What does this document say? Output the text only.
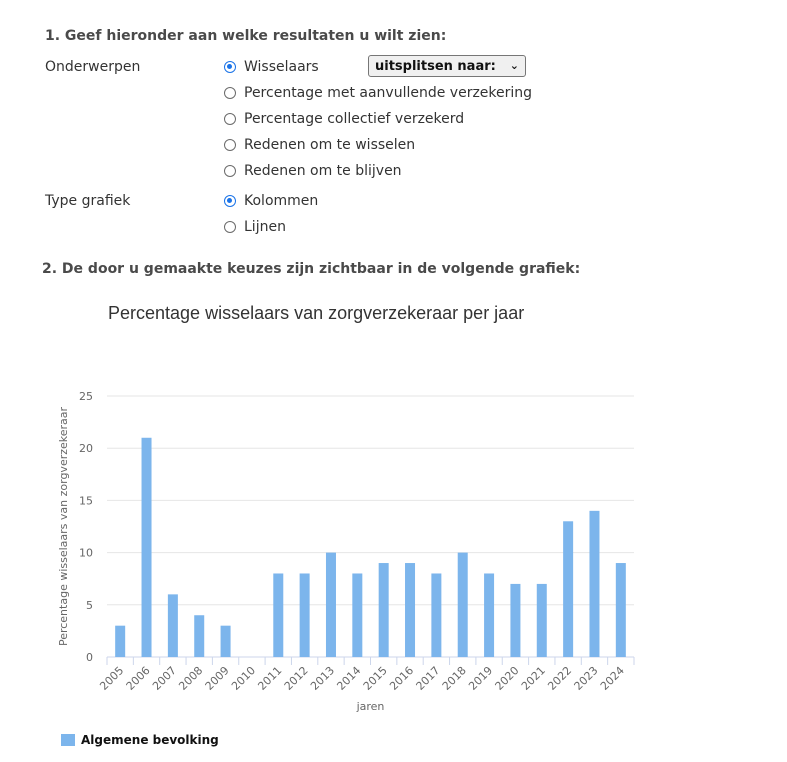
1. Geef hieronder aan welke resultaten u wilt zien:
Onderwerpen	Wisselaars
Percentage met aanvullende verzekering
Percentage collectief verzekerd
Redenen om te wisselen
Redenen om te blijven
uitsplitsen naar: ⌄
Type grafiek	Kolommen
Lijnen
2. De door u gemaakte keuzes zijn zichtbaar in de volgende grafiek:
Percentage wisselaars van zorgverzekeraar per jaar
0
5
10
15
20
25
2005
2006
2007
2008
2009
2010
2011
2012
2013
2014
2015
2016
2017
2018
2019
2020
2021
2022
2023
2024
Percentage wisselaars van zorgverzekeraar
jaren
Algemene bevolking
